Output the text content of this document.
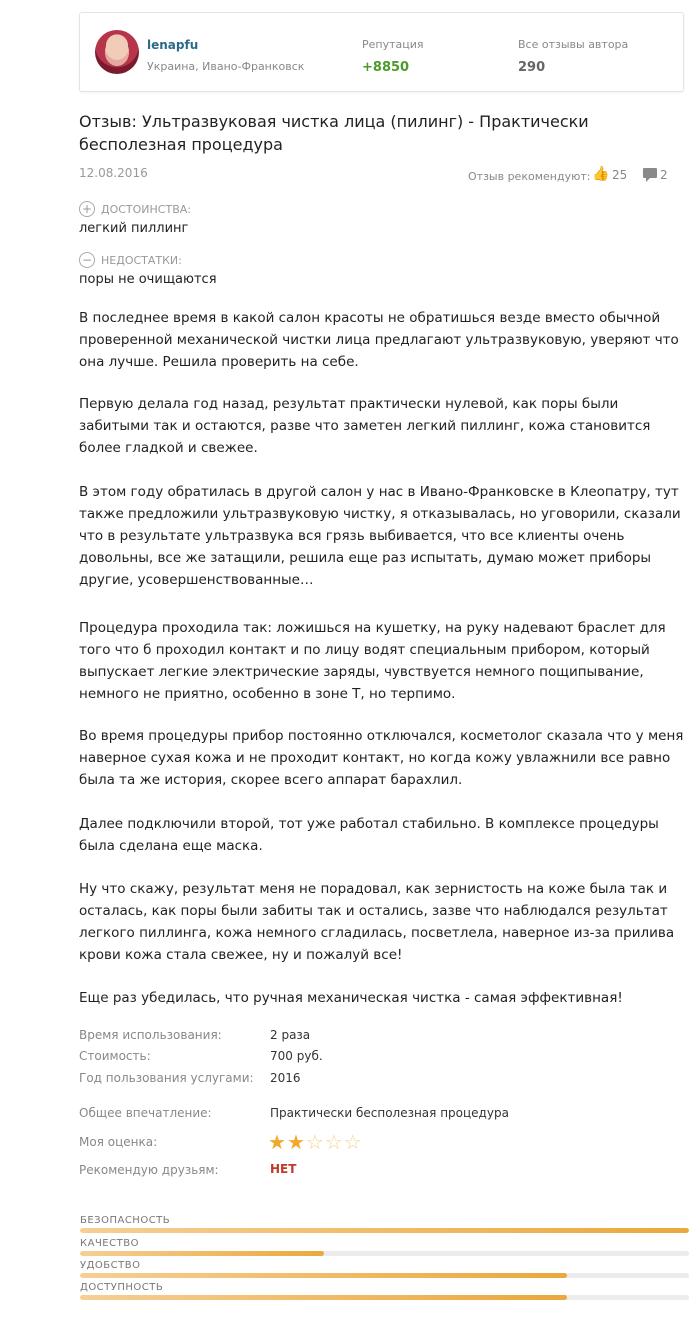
lenapfu
Украина, Ивано-Франковск
Репутация
+8850
Все отзывы автора
290
Отзыв: Ультразвуковая чистка лица (пилинг) - Практически бесполезная процедура
12.08.2016	Отзыв рекомендуют: 👍 25	2
+ ДОСТОИНСТВА:
легкий пиллинг
− НЕДОСТАТКИ:
поры не очищаются

В последнее время в какой салон красоты не обратишься везде вместо обычной проверенной механической чистки лица предлагают ультразвуковую, уверяют что она лучше. Решила проверить на себе.

Первую делала год назад, результат практически нулевой, как поры были забитыми так и остаются, разве что заметен легкий пиллинг, кожа становится более гладкой и свежее.

В этом году обратилась в другой салон у нас в Ивано-Франковске в Клеопатру, тут также предложили ультразвуковую чистку, я отказывалась, но уговорили, сказали что в результате ультразвука вся грязь выбивается, что все клиенты очень довольны, все же затащили, решила еще раз испытать, думаю может приборы другие, усовершенствованные…

Процедура проходила так: ложишься на кушетку, на руку надевают браслет для того что б проходил контакт и по лицу водят специальным прибором, который выпускает легкие электрические заряды, чувствуется немного пощипывание, немного не приятно, особенно в зоне Т, но терпимо.

Во время процедуры прибор постоянно отключался, косметолог сказала что у меня наверное сухая кожа и не проходит контакт, но когда кожу увлажнили все равно была та же история, скорее всего аппарат барахлил.

Далее подключили второй, тот уже работал стабильно. В комплексе процедуры была сделана еще маска.

Ну что скажу, результат меня не порадовал, как зернистость на коже была так и осталась, как поры были забиты так и остались, зазве что наблюдался результат легкого пиллинга, кожа немного сгладилась, посветлела, наверное из-за прилива крови кожа стала свежее, ну и пожалуй все!

Еще раз убедилась, что ручная механическая чистка - самая эффективная!

Время использования:	2 раза
Стоимость:	700 руб.
Год пользования услугами: 2016
Общее впечатление:	Практически бесполезная процедура
Моя оценка:	★★☆☆☆
Рекомендую друзьям:	НЕТ
БЕЗОПАСНОСТЬ
КАЧЕСТВО
УДОБСТВО
ДОСТУПНОСТЬ
